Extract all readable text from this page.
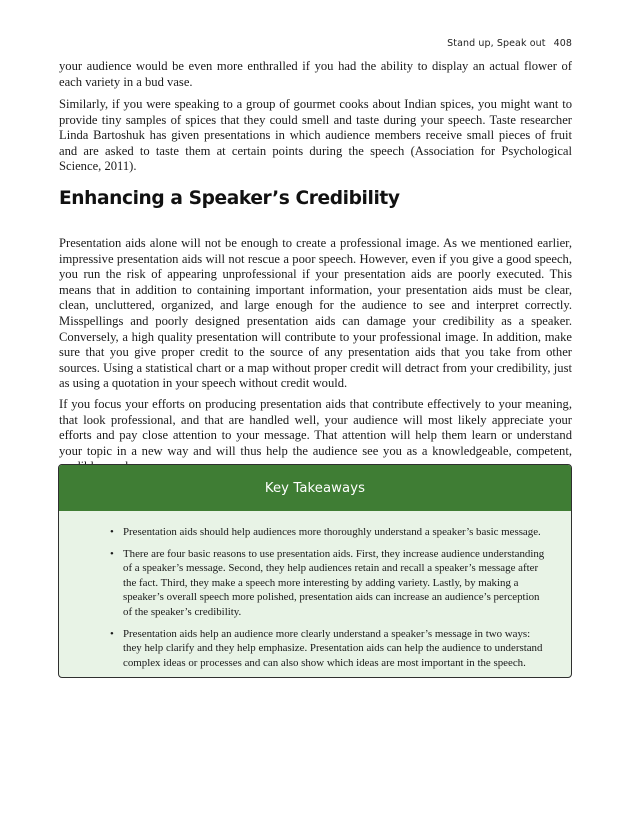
Stand up, Speak out 408

your audience would be even more enthralled if you had the ability to display an actual flower of each variety in a bud vase.

Similarly, if you were speaking to a group of gourmet cooks about Indian spices, you might want to provide tiny samples of spices that they could smell and taste during your speech. Taste researcher Linda Bartoshuk has given presentations in which audience members receive small pieces of fruit and are asked to taste them at certain points during the speech (Association for Psychological Science, 2011).

Enhancing a Speaker’s Credibility

Presentation aids alone will not be enough to create a professional image. As we mentioned earlier, impressive presentation aids will not rescue a poor speech. However, even if you give a good speech, you run the risk of appearing unprofessional if your presentation aids are poorly executed. This means that in addition to containing important information, your presentation aids must be clear, clean, uncluttered, organized, and large enough for the audience to see and interpret correctly. Misspellings and poorly designed presentation aids can damage your credibility as a speaker. Conversely, a high quality presentation will contribute to your professional image. In addition, make sure that you give proper credit to the source of any presentation aids that you take from other sources. Using a statistical chart or a map without proper credit will detract from your credibility, just as using a quotation in your speech without credit would.

If you focus your efforts on producing presentation aids that contribute effectively to your meaning, that look professional, and that are handled well, your audience will most likely appreciate your efforts and pay close attention to your message. That attention will help them learn or understand your topic in a new way and will thus help the audience see you as a knowledgeable, competent,

Key Takeaways
• Presentation aids should help audiences more thoroughly understand a speaker’s basic message.
• There are four basic reasons to use presentation aids. First, they increase audience understanding of a speaker’s message. Second, they help audiences retain and recall a speaker’s message after the fact. Third, they make a speech more interesting by adding variety. Lastly, by making a speaker’s overall speech more polished, presentation aids can increase an audience’s perception of the speaker’s credibility.
• Presentation aids help an audience more clearly understand a speaker’s message in two ways: they help clarify and they help emphasize. Presentation aids can help the audience to understand complex ideas or processes and can also show which ideas are most important in the speech.
